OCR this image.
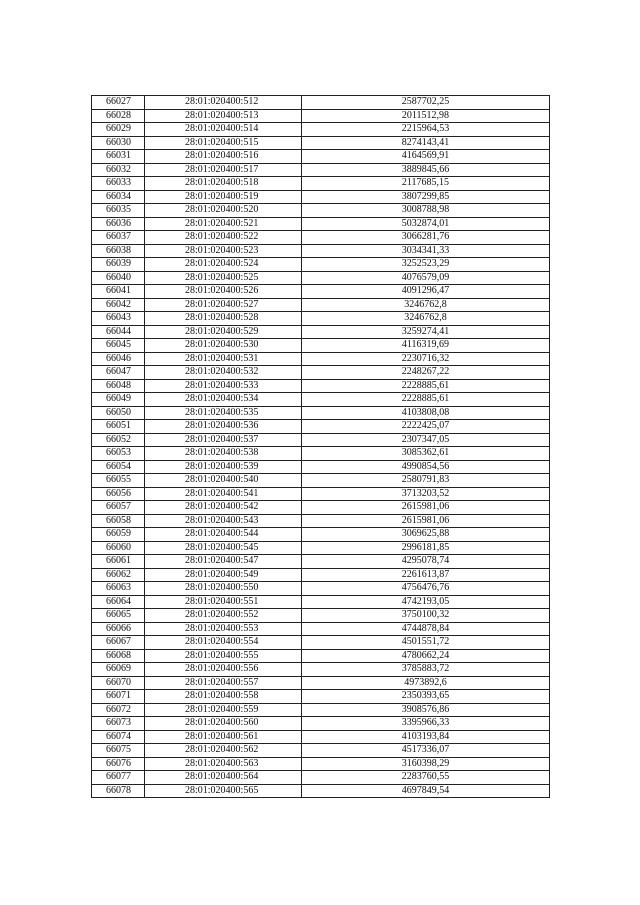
66027	28:01:020400:512	2587702,25
66028	28:01:020400:513	2011512,98
66029	28:01:020400:514	2215964,53
66030	28:01:020400:515	8274143,41
66031	28:01:020400:516	4164569,91
66032	28:01:020400:517	3889845,66
66033	28:01:020400:518	2117685,15
66034	28:01:020400:519	3807299,85
66035	28:01:020400:520	3008788,98
66036	28:01:020400:521	5032874,01
66037	28:01:020400:522	3066281,76
66038	28:01:020400:523	3034341,33
66039	28:01:020400:524	3252523,29
66040	28:01:020400:525	4076579,09
66041	28:01:020400:526	4091296,47
66042	28:01:020400:527	3246762,8
66043	28:01:020400:528	3246762,8
66044	28:01:020400:529	3259274,41
66045	28:01:020400:530	4116319,69
66046	28:01:020400:531	2230716,32
66047	28:01:020400:532	2248267,22
66048	28:01:020400:533	2228885,61
66049	28:01:020400:534	2228885,61
66050	28:01:020400:535	4103808,08
66051	28:01:020400:536	2222425,07
66052	28:01:020400:537	2307347,05
66053	28:01:020400:538	3085362,61
66054	28:01:020400:539	4990854,56
66055	28:01:020400:540	2580791,83
66056	28:01:020400:541	3713203,52
66057	28:01:020400:542	2615981,06
66058	28:01:020400:543	2615981,06
66059	28:01:020400:544	3069625,88
66060	28:01:020400:545	2996181,85
66061	28:01:020400:547	4295078,74
66062	28:01:020400:549	2261613,87
66063	28:01:020400:550	4756476,76
66064	28:01:020400:551	4742193,05
66065	28:01:020400:552	3750100,32
66066	28:01:020400:553	4744878,84
66067	28:01:020400:554	4501551,72
66068	28:01:020400:555	4780662,24
66069	28:01:020400:556	3785883,72
66070	28:01:020400:557	4973892,6
66071	28:01:020400:558	2350393,65
66072	28:01:020400:559	3908576,86
66073	28:01:020400:560	3395966,33
66074	28:01:020400:561	4103193,84
66075	28:01:020400:562	4517336,07
66076	28:01:020400:563	3160398,29
66077	28:01:020400:564	2283760,55
66078	28:01:020400:565	4697849,54
